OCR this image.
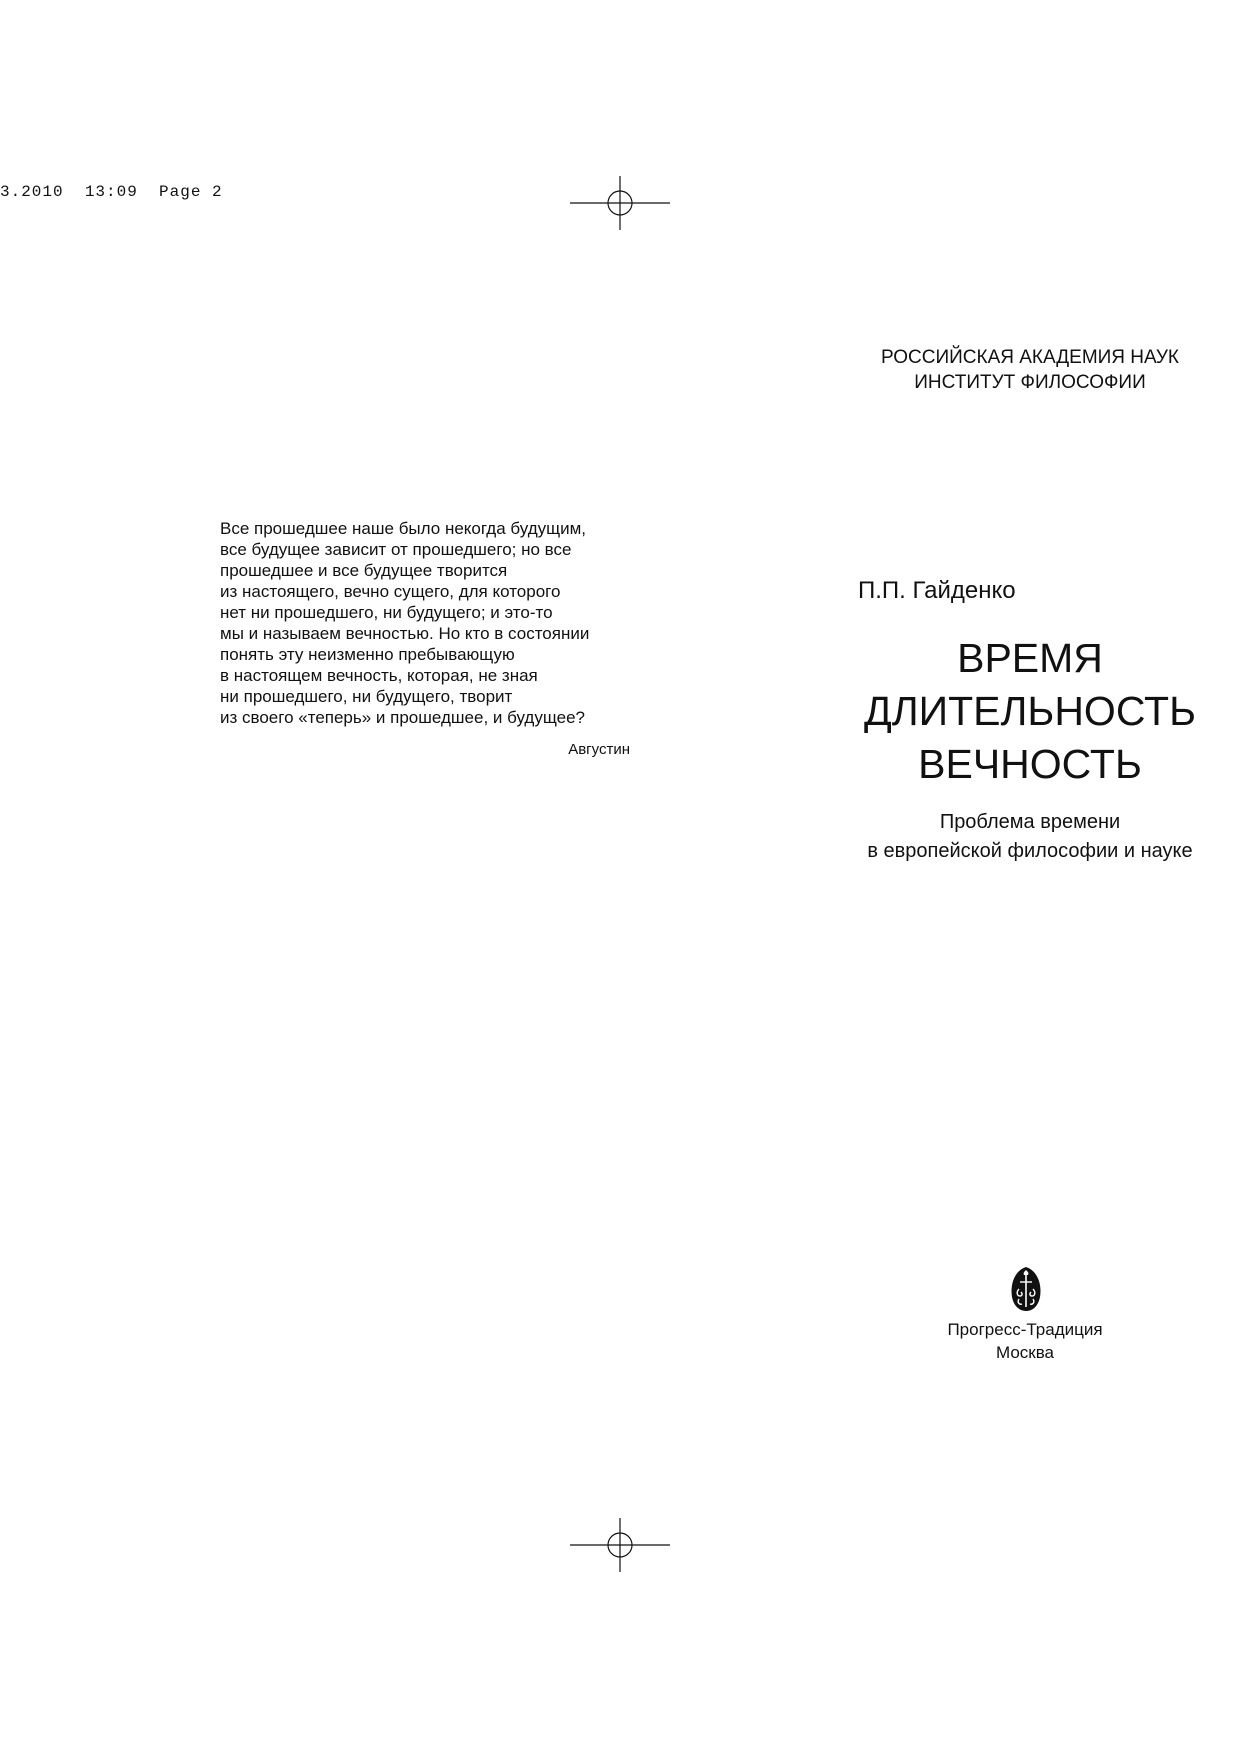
3.2010  13:09  Page 2
РОССИЙСКАЯ АКАДЕМИЯ НАУК
ИНСТИТУТ ФИЛОСОФИИ
Все прошедшее наше было некогда будущим,
все будущее зависит от прошедшего; но все
прошедшее и все будущее творится
из настоящего, вечно сущего, для которого
нет ни прошедшего, ни будущего; и это-то
мы и называем вечностью. Но кто в состоянии
понять эту неизменно пребывающую
в настоящем вечность, которая, не зная
ни прошедшего, ни будущего, творит
из своего «теперь» и прошедшее, и будущее?
Августин
П.П. Гайденко
ВРЕМЯ
ДЛИТЕЛЬНОСТЬ
ВЕЧНОСТЬ
Проблема времени
в европейской философии и науке
Прогресс-Традиция
Москва
